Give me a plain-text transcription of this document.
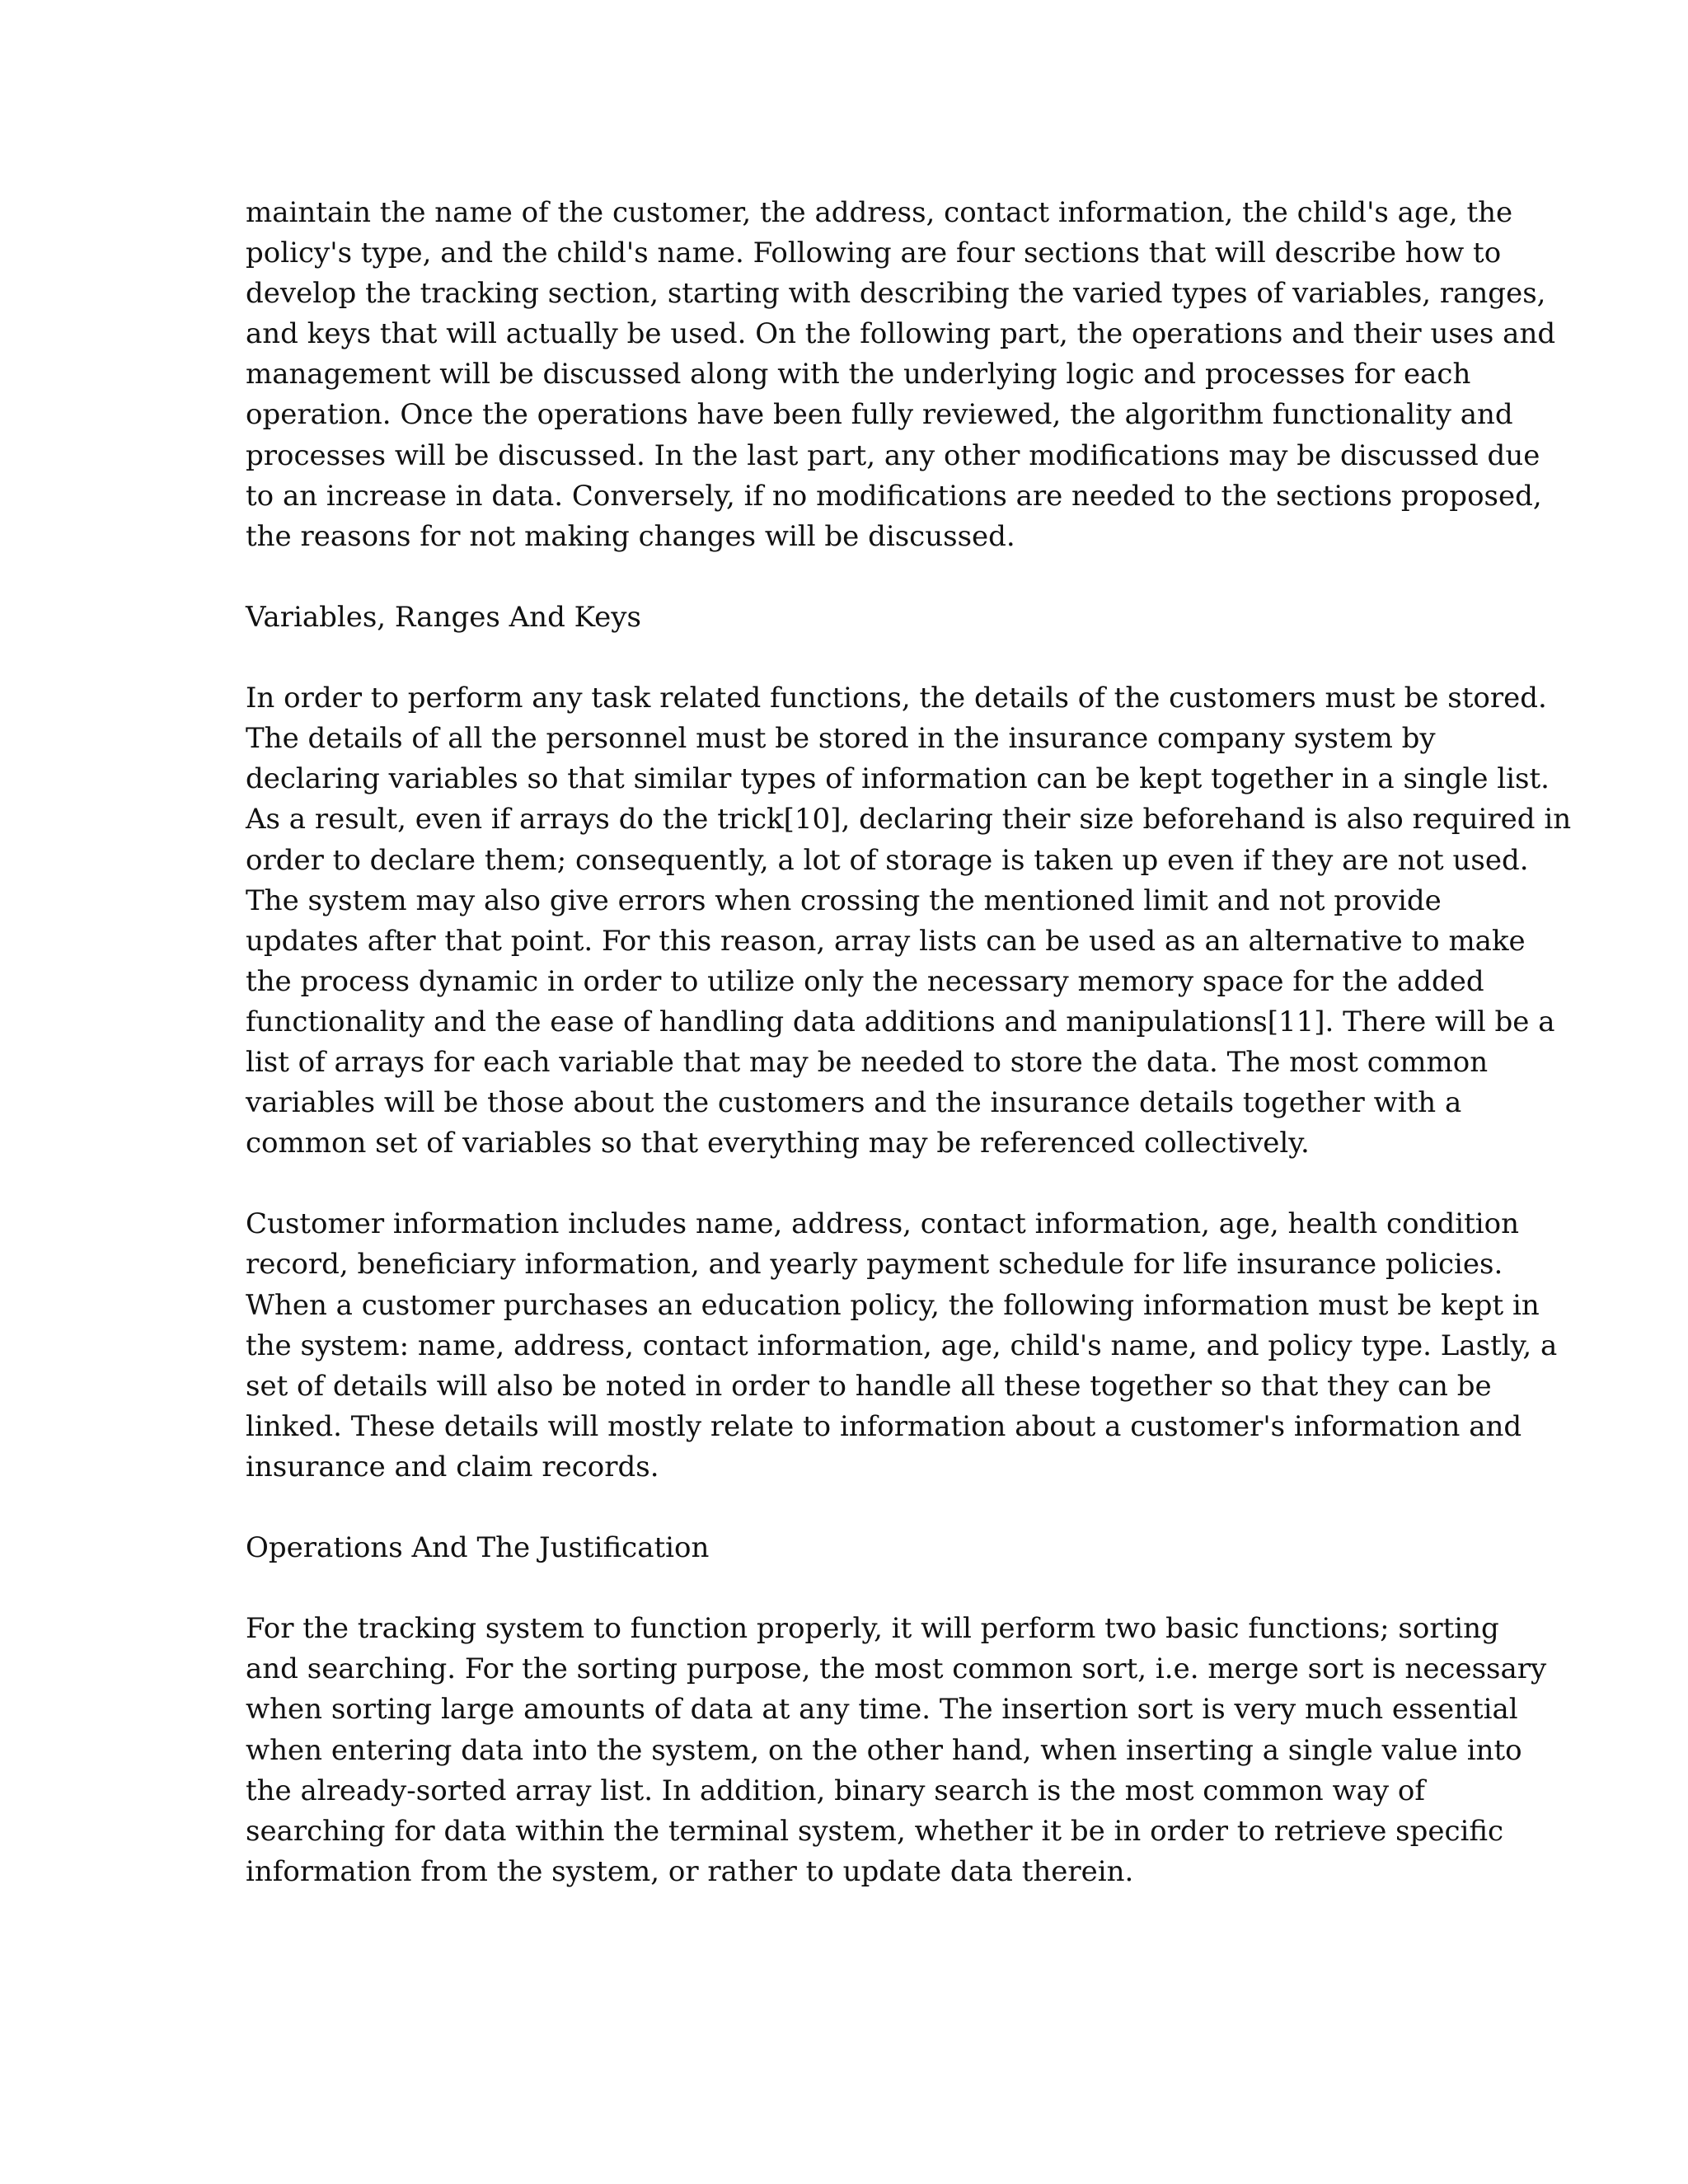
maintain the name of the customer, the address, contact information, the child's age, the
policy's type, and the child's name. Following are four sections that will describe how to
develop the tracking section, starting with describing the varied types of variables, ranges,
and keys that will actually be used. On the following part, the operations and their uses and
management will be discussed along with the underlying logic and processes for each
operation. Once the operations have been fully reviewed, the algorithm functionality and
processes will be discussed. In the last part, any other modifications may be discussed due
to an increase in data. Conversely, if no modifications are needed to the sections proposed,
the reasons for not making changes will be discussed.
Variables, Ranges And Keys
In order to perform any task related functions, the details of the customers must be stored.
The details of all the personnel must be stored in the insurance company system by
declaring variables so that similar types of information can be kept together in a single list.
As a result, even if arrays do the trick[10], declaring their size beforehand is also required in
order to declare them; consequently, a lot of storage is taken up even if they are not used.
The system may also give errors when crossing the mentioned limit and not provide
updates after that point. For this reason, array lists can be used as an alternative to make
the process dynamic in order to utilize only the necessary memory space for the added
functionality and the ease of handling data additions and manipulations[11]. There will be a
list of arrays for each variable that may be needed to store the data. The most common
variables will be those about the customers and the insurance details together with a
common set of variables so that everything may be referenced collectively.
Customer information includes name, address, contact information, age, health condition
record, beneficiary information, and yearly payment schedule for life insurance policies.
When a customer purchases an education policy, the following information must be kept in
the system: name, address, contact information, age, child's name, and policy type. Lastly, a
set of details will also be noted in order to handle all these together so that they can be
linked. These details will mostly relate to information about a customer's information and
insurance and claim records.
Operations And The Justification
For the tracking system to function properly, it will perform two basic functions; sorting
and searching. For the sorting purpose, the most common sort, i.e. merge sort is necessary
when sorting large amounts of data at any time. The insertion sort is very much essential
when entering data into the system, on the other hand, when inserting a single value into
the already-sorted array list. In addition, binary search is the most common way of
searching for data within the terminal system, whether it be in order to retrieve specific
information from the system, or rather to update data therein.
